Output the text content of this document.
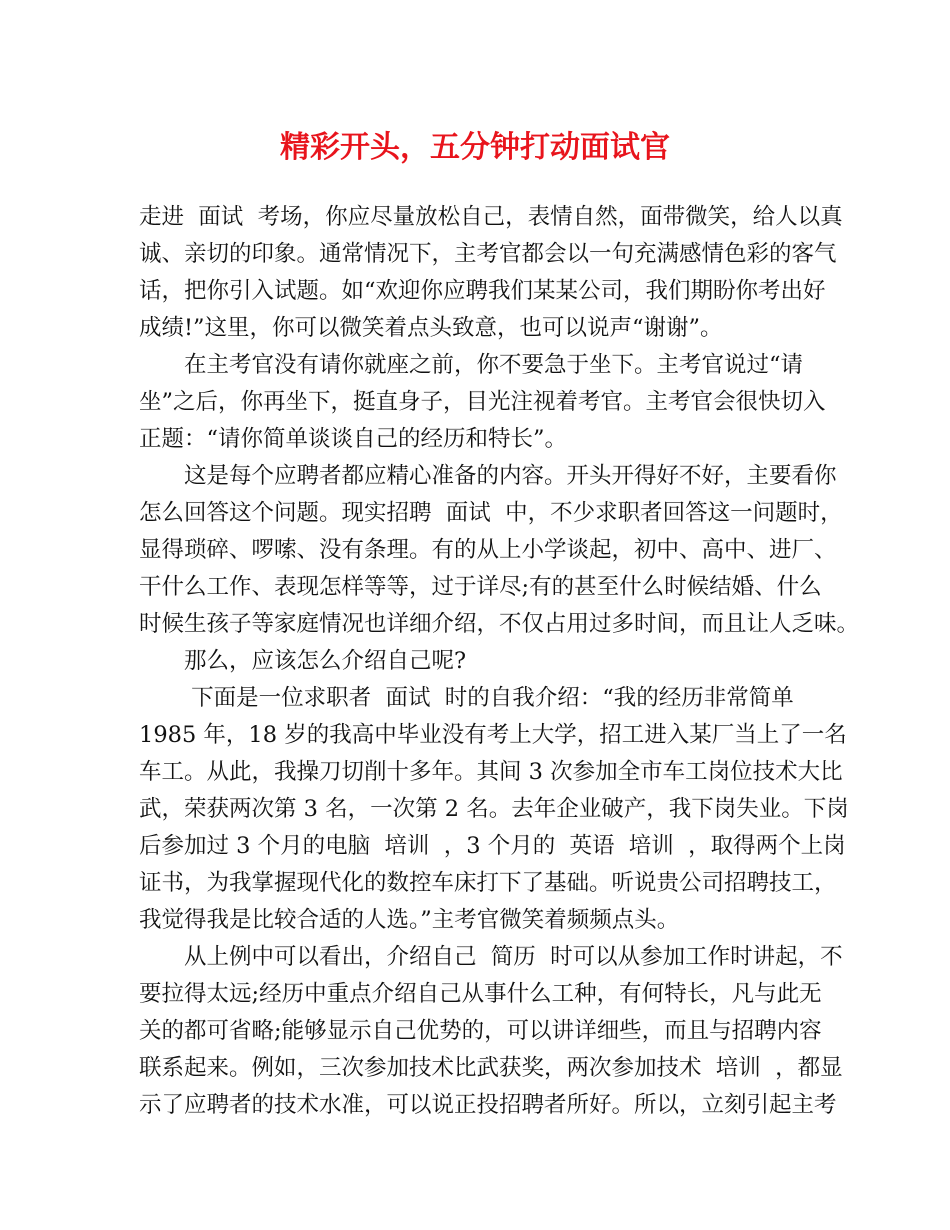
精彩开头，五分钟打动面试官
走进  面试  考场，你应尽量放松自己，表情自然，面带微笑，给人以真
诚、亲切的印象。通常情况下，主考官都会以一句充满感情色彩的客气
话，把你引入试题。如“欢迎你应聘我们某某公司，我们期盼你考出好
成绩!”这里，你可以微笑着点头致意，也可以说声“谢谢”。
在主考官没有请你就座之前，你不要急于坐下。主考官说过“请
坐”之后，你再坐下，挺直身子，目光注视着考官。主考官会很快切入
正题：“请你简单谈谈自己的经历和特长”。
这是每个应聘者都应精心准备的内容。开头开得好不好，主要看你
怎么回答这个问题。现实招聘  面试  中，不少求职者回答这一问题时，
显得琐碎、啰嗦、没有条理。有的从上小学谈起，初中、高中、进厂、
干什么工作、表现怎样等等，过于详尽;有的甚至什么时候结婚、什么
时候生孩子等家庭情况也详细介绍，不仅占用过多时间，而且让人乏味。
那么，应该怎么介绍自己呢?
下面是一位求职者  面试  时的自我介绍：“我的经历非常简单
1985 年，18 岁的我高中毕业没有考上大学，招工进入某厂当上了一名
车工。从此，我操刀切削十多年。其间 3 次参加全市车工岗位技术大比
武，荣获两次第 3 名，一次第 2 名。去年企业破产，我下岗失业。下岗
后参加过 3 个月的电脑  培训  ，3 个月的  英语  培训  ，取得两个上岗
证书，为我掌握现代化的数控车床打下了基础。听说贵公司招聘技工，
我觉得我是比较合适的人选。”主考官微笑着频频点头。
从上例中可以看出，介绍自己  简历  时可以从参加工作时讲起，不
要拉得太远;经历中重点介绍自己从事什么工种，有何特长，凡与此无
关的都可省略;能够显示自己优势的，可以讲详细些，而且与招聘内容
联系起来。例如，三次参加技术比武获奖，两次参加技术  培训  ，都显
示了应聘者的技术水准，可以说正投招聘者所好。所以，立刻引起主考
